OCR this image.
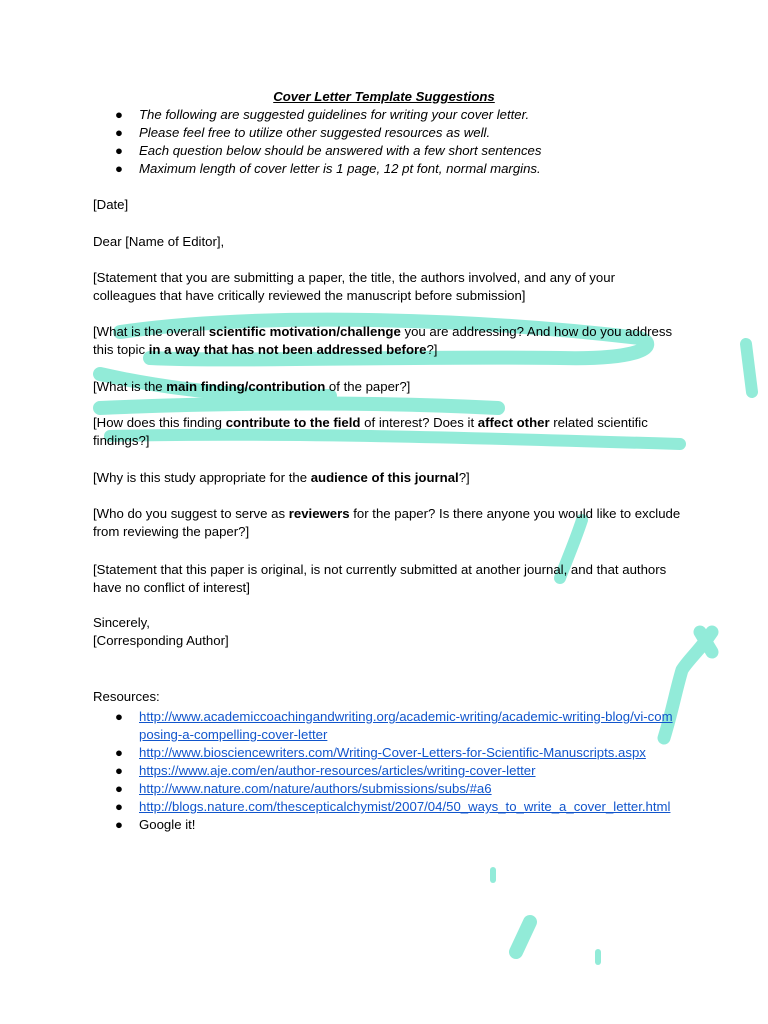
Cover Letter Template Suggestions
● The following are suggested guidelines for writing your cover letter.
● Please feel free to utilize other suggested resources as well.
● Each question below should be answered with a few short sentences
● Maximum length of cover letter is 1 page, 12 pt font, normal margins.

[Date]

Dear [Name of Editor],

[Statement that you are submitting a paper, the title, the authors involved, and any of your colleagues that have critically reviewed the manuscript before submission]

[What is the overall scientific motivation/challenge you are addressing? And how do you address this topic in a way that has not been addressed before?]

[What is the main finding/contribution of the paper?]

[How does this finding contribute to the field of interest? Does it affect other related scientific findings?]

[Why is this study appropriate for the audience of this journal?]

[Who do you suggest to serve as reviewers for the paper? Is there anyone you would like to exclude from reviewing the paper?]

[Statement that this paper is original, is not currently submitted at another journal, and that authors have no conflict of interest]

Sincerely,

[Corresponding Author]

Resources:

● http://www.academiccoachingandwriting.org/academic-writing/academic-writing-blog/vi-composing-a-compelling-cover-letter
● http://www.biosciencewriters.com/Writing-Cover-Letters-for-Scientific-Manuscripts.aspx
● https://www.aje.com/en/author-resources/articles/writing-cover-letter
● http://www.nature.com/nature/authors/submissions/subs/#a6
● http://blogs.nature.com/thescepticalchymist/2007/04/50_ways_to_write_a_cover_letter.html
● Google it!
